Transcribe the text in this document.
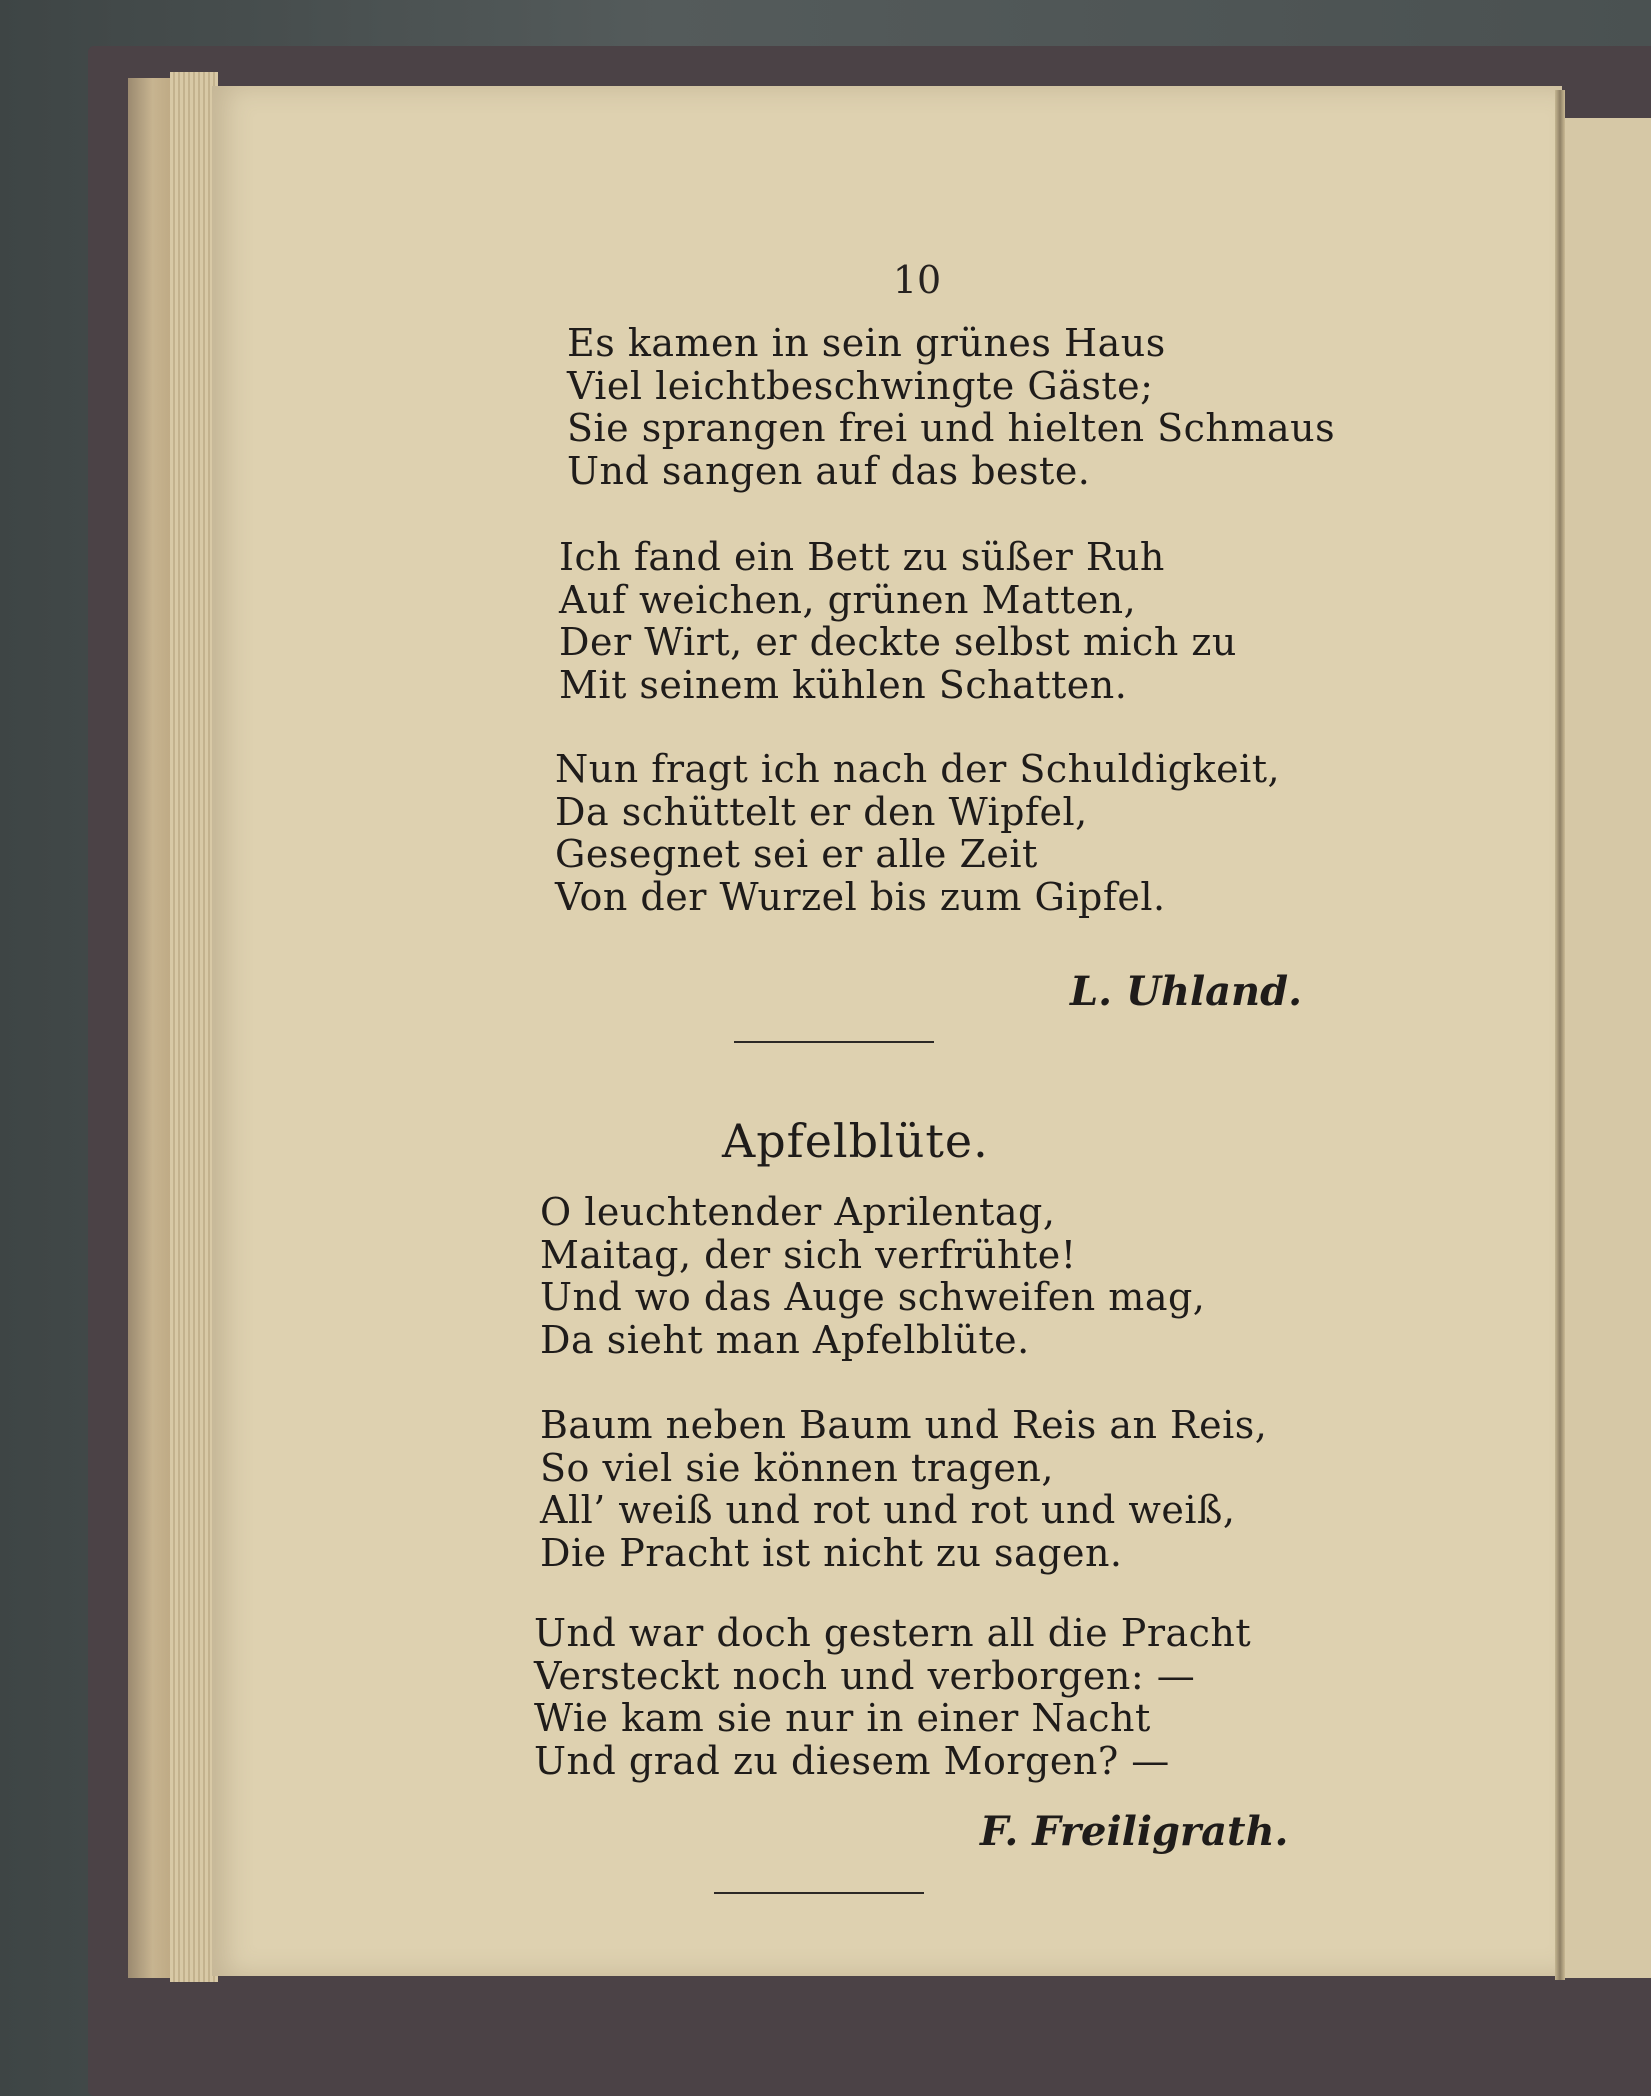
10
Es kamen in sein grünes Haus
Viel leichtbeschwingte Gäste;
Sie sprangen frei und hielten Schmaus
Und sangen auf das beste.
Ich fand ein Bett zu süßer Ruh
Auf weichen, grünen Matten,
Der Wirt, er deckte selbst mich zu
Mit seinem kühlen Schatten.
Nun fragt ich nach der Schuldigkeit,
Da schüttelt er den Wipfel,
Gesegnet sei er alle Zeit
Von der Wurzel bis zum Gipfel.
L. Uhland.
Apfelblüte.
O leuchtender Aprilentag,
Maitag, der sich verfrühte!
Und wo das Auge schweifen mag,
Da sieht man Apfelblüte.
Baum neben Baum und Reis an Reis,
So viel sie können tragen,
All’ weiß und rot und rot und weiß,
Die Pracht ist nicht zu sagen.
Und war doch gestern all die Pracht
Versteckt noch und verborgen: —
Wie kam sie nur in einer Nacht
Und grad zu diesem Morgen? —
F. Freiligrath.
